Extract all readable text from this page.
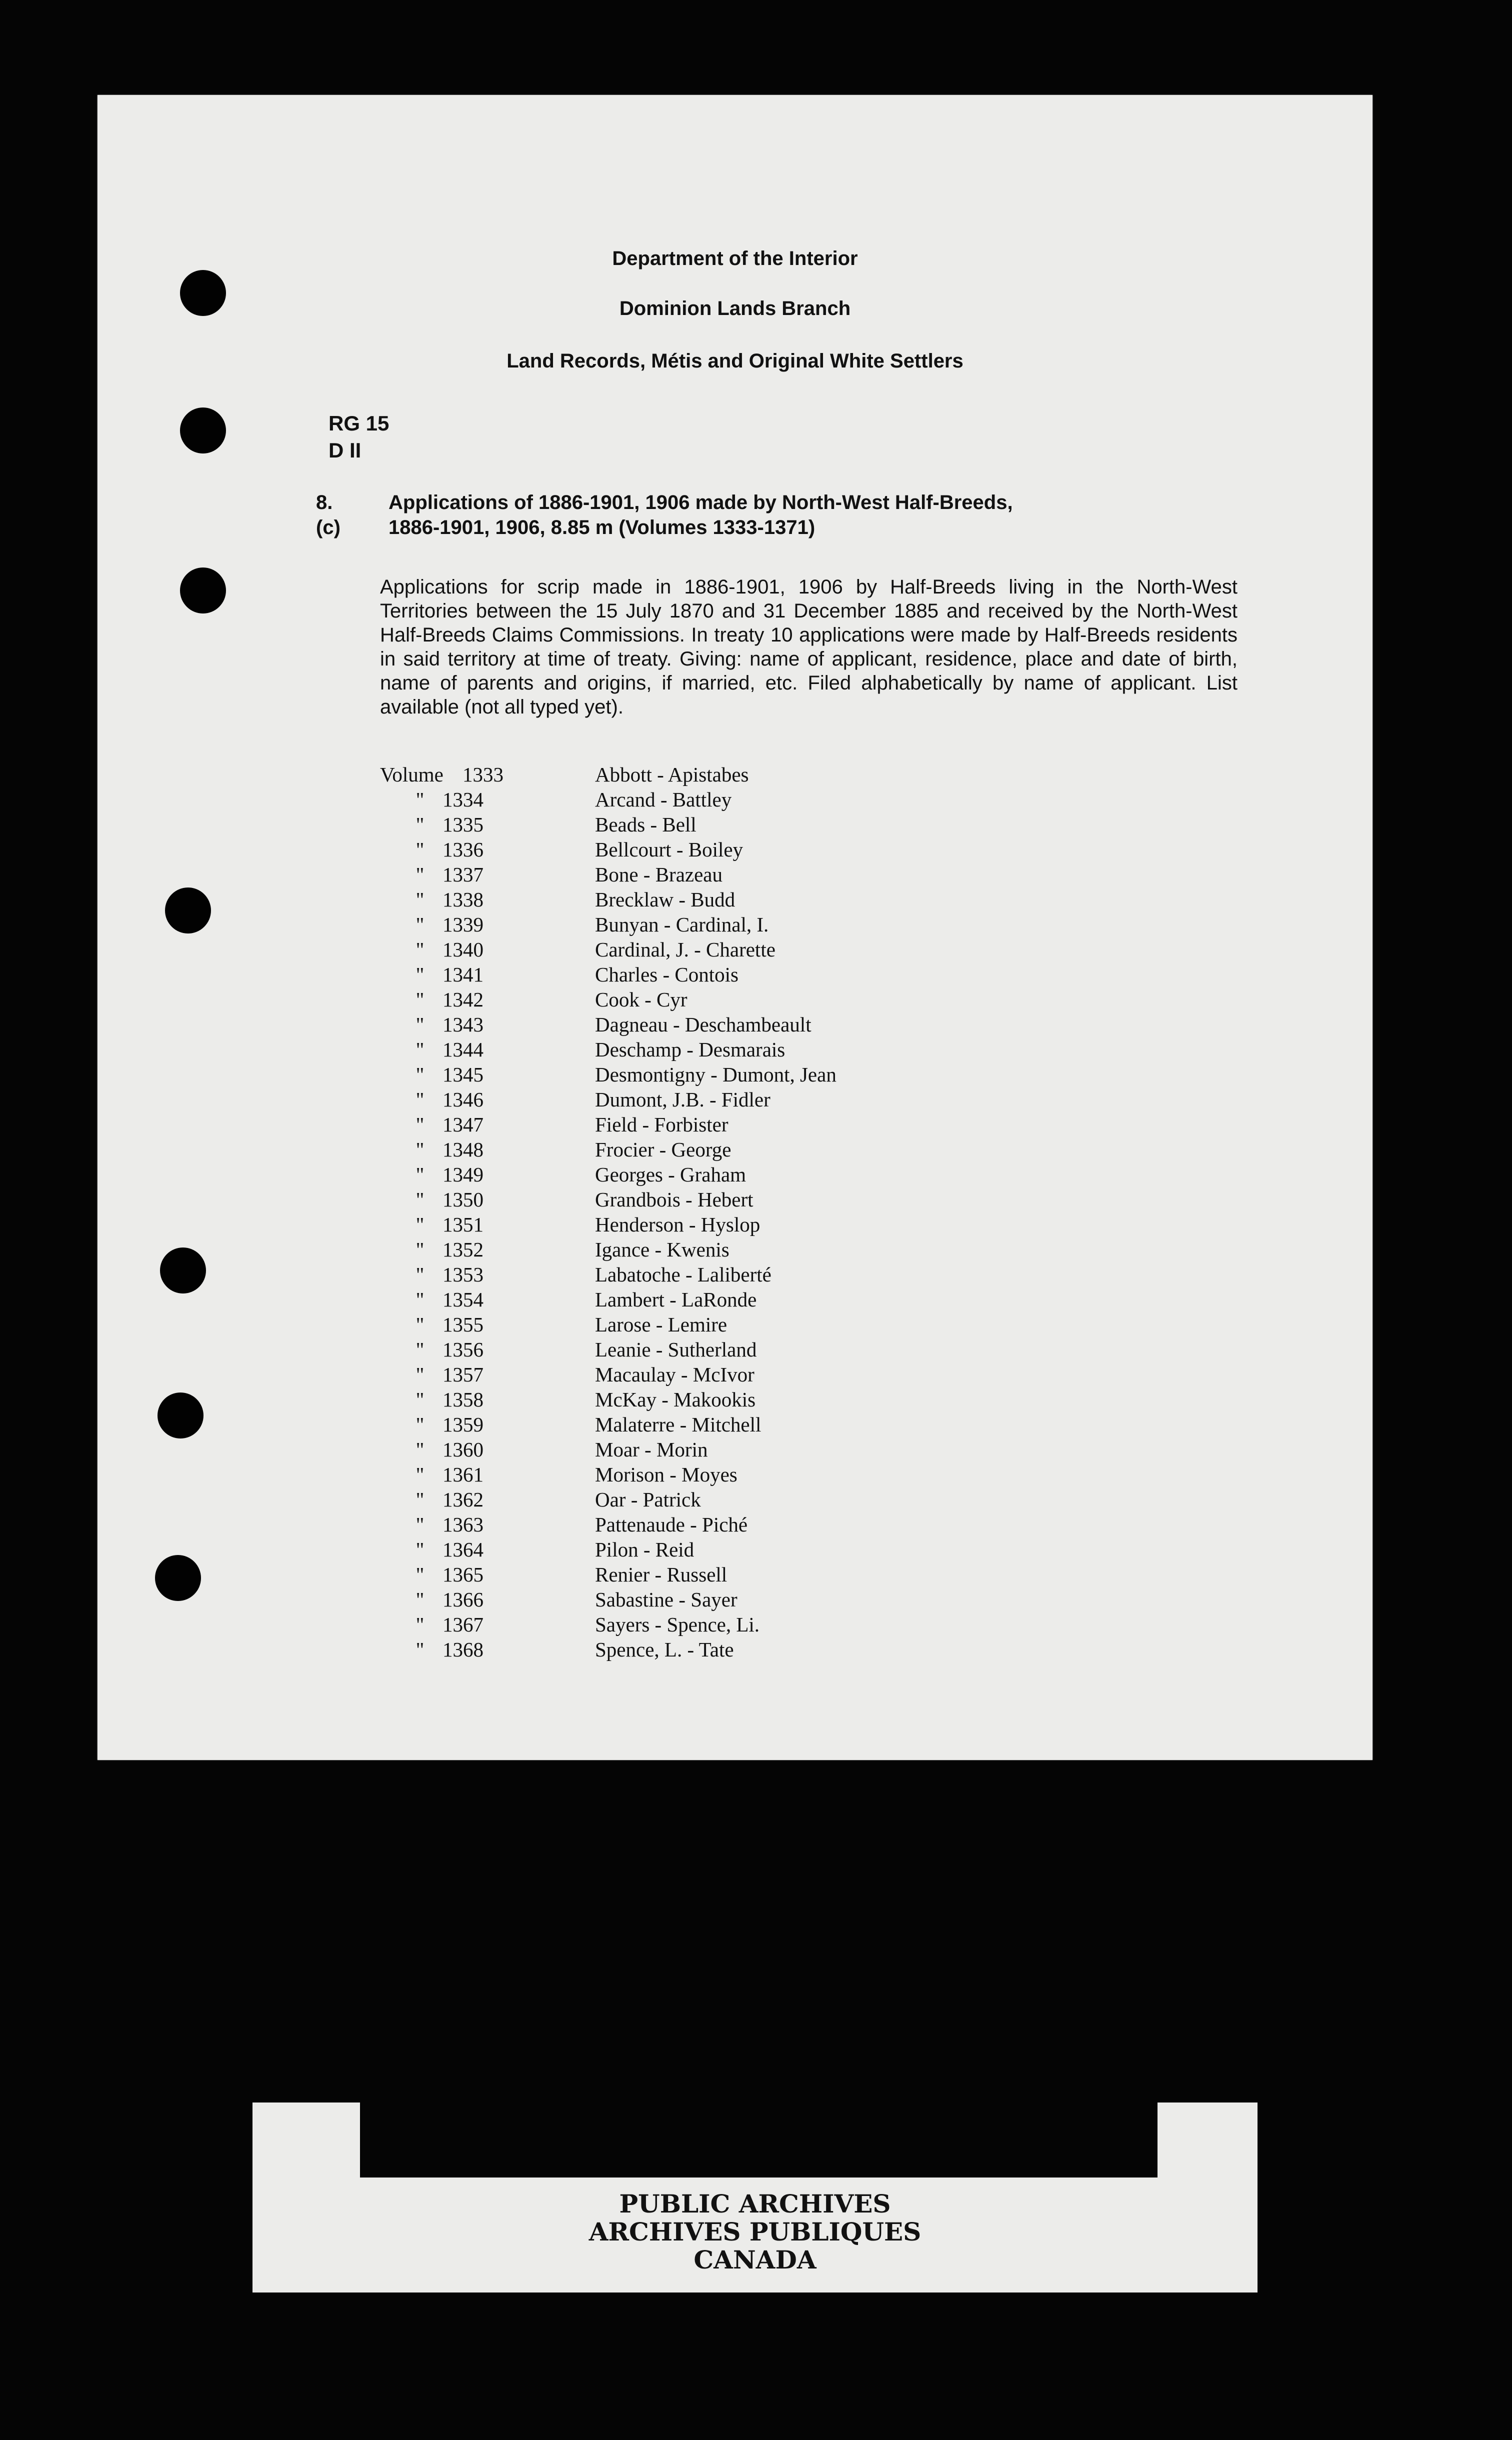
Department of the Interior
Dominion Lands Branch
Land Records, Métis and Original White Settlers
RG 15
D II
8.
(c)
Applications of 1886-1901, 1906 made by North-West Half-Breeds,
1886-1901, 1906, 8.85 m (Volumes 1333-1371)
Applications for scrip made in 1886-1901, 1906 by Half-Breeds living in the North-West Territories between the 15 July 1870 and 31 December 1885 and received by the North-West Half-Breeds Claims Commissions. In treaty 10 applications were made by Half-Breeds residents in said territory at time of treaty. Giving: name of applicant, residence, place and date of birth, name of parents and origins, if married, etc. Filed alphabetically by name of applicant. List available (not all typed yet).
Volume 1333	Abbott - Apistabes
" 1334	Arcand - Battley
" 1335	Beads - Bell
" 1336	Bellcourt - Boiley
" 1337	Bone - Brazeau
" 1338	Brecklaw - Budd
" 1339	Bunyan - Cardinal, I.
" 1340	Cardinal, J. - Charette
" 1341	Charles - Contois
" 1342	Cook - Cyr
" 1343	Dagneau - Deschambeault
" 1344	Deschamp - Desmarais
" 1345	Desmontigny - Dumont, Jean
" 1346	Dumont, J.B. - Fidler
" 1347	Field - Forbister
" 1348	Frocier - George
" 1349	Georges - Graham
" 1350	Grandbois - Hebert
" 1351	Henderson - Hyslop
" 1352	Igance - Kwenis
" 1353	Labatoche - Laliberté
" 1354	Lambert - LaRonde
" 1355	Larose - Lemire
" 1356	Leanie - Sutherland
" 1357	Macaulay - McIvor
" 1358	McKay - Makookis
" 1359	Malaterre - Mitchell
" 1360	Moar - Morin
" 1361	Morison - Moyes
" 1362	Oar - Patrick
" 1363	Pattenaude - Piché
" 1364	Pilon - Reid
" 1365	Renier - Russell
" 1366	Sabastine - Sayer
" 1367	Sayers - Spence, Li.
" 1368	Spence, L. - Tate
PUBLIC ARCHIVES
ARCHIVES PUBLIQUES
CANADA
